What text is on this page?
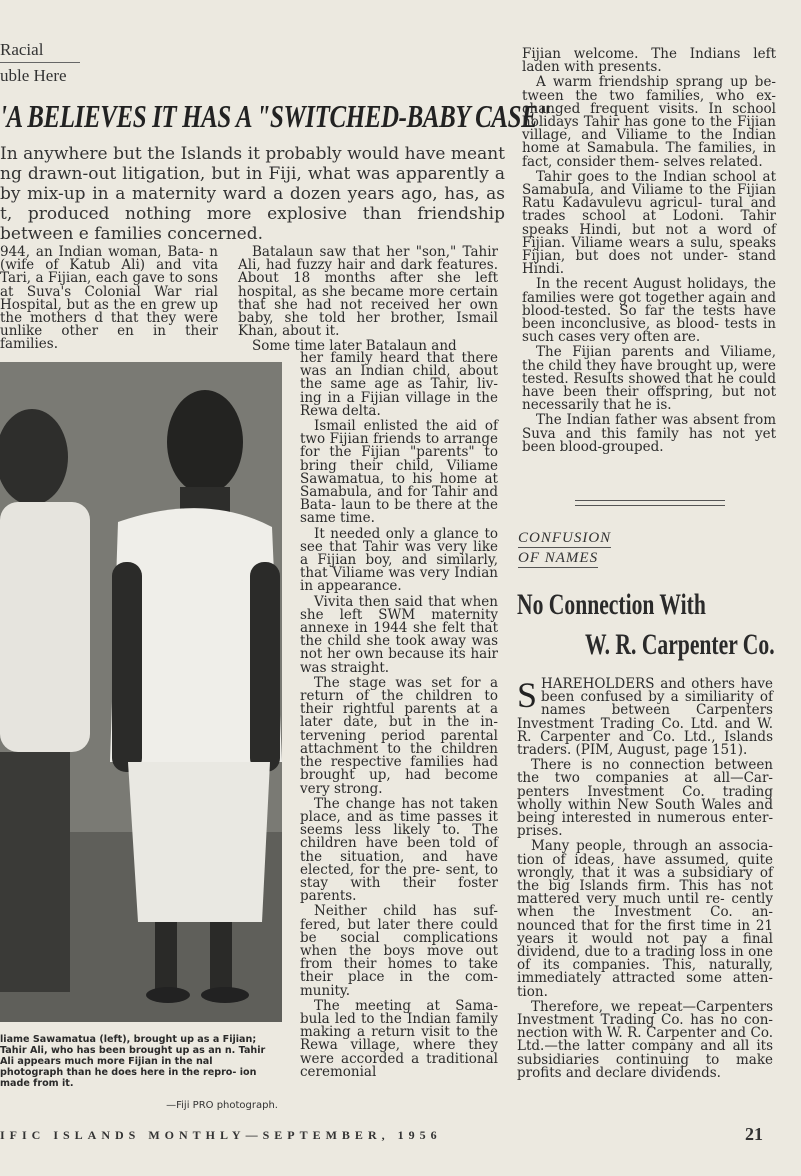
Racial
uble Here
'A BELIEVES IT HAS A "SWITCHED-BABY CASE"
In anywhere but the Islands it probably would have meant ng drawn-out litigation, but in Fiji, what was apparently a by mix-up in a maternity ward a dozen years ago, has, as t, produced nothing more explosive than friendship between e families concerned.

944, an Indian woman, Bata- n (wife of Katub Ali) and vita Tari, a Fijian, each gave to sons at Suva's Colonial War rial Hospital, but as the en grew up the mothers d that they were unlike other en in their families.

Batalaun saw that her "son," Tahir Ali, had fuzzy hair and dark features. About 18 months after she left hospital, as she became more certain that she had not received her own baby, she told her brother, Ismail Khan, about it.

Some time later Batalaun and

liame Sawamatua (left), brought up as a Fijian; Tahir Ali, who has been brought up as an n. Tahir Ali appears much more Fijian in the nal photograph than he does here in the repro- ion made from it.
—Fiji PRO photograph.

her family heard that there was an Indian child, about the same age as Tahir, liv- ing in a Fijian village in the Rewa delta.

Ismail enlisted the aid of two Fijian friends to arrange for the Fijian "parents" to bring their child, Viliame Sawamatua, to his home at Samabula, and for Tahir and Bata- laun to be there at the same time.

It needed only a glance to see that Tahir was very like a Fijian boy, and similarly, that Viliame was very Indian in appearance.

Vivita then said that when she left SWM maternity annexe in 1944 she felt that the child she took away was not her own because its hair was straight.

The stage was set for a return of the children to their rightful parents at a later date, but in the in- tervening period parental attachment to the children the respective families had brought up, had become very strong.

The change has not taken place, and as time passes it seems less likely to. The children have been told of the situation, and have elected, for the pre- sent, to stay with their foster parents.

Neither child has suf- fered, but later there could be social complications when the boys move out from their homes to take their place in the com- munity.

The meeting at Sama- bula led to the Indian family making a return visit to the Rewa village, where they were accorded a traditional ceremonial

Fijian welcome. The Indians left laden with presents.

A warm friendship sprang up be- tween the two families, who ex- changed frequent visits. In school holidays Tahir has gone to the Fijian village, and Viliame to the Indian home at Samabula. The families, in fact, consider them- selves related.

Tahir goes to the Indian school at Samabula, and Viliame to the Fijian Ratu Kadavulevu agricul- tural and trades school at Lodoni. Tahir speaks Hindi, but not a word of Fijian. Viliame wears a sulu, speaks Fijian, but does not under- stand Hindi.

In the recent August holidays, the families were got together again and blood-tested. So far the tests have been inconclusive, as blood- tests in such cases very often are.

The Fijian parents and Viliame, the child they have brought up, were tested. Results showed that he could have been their offspring, but not necessarily that he is.

The Indian father was absent from Suva and this family has not yet been blood-grouped.

CONFUSION
OF NAMES
No Connection With
W. R. Carpenter Co.

SHAREHOLDERS and others have been confused by a similiarity of names between Carpenters Investment Trading Co. Ltd. and W. R. Carpenter and Co. Ltd., Islands traders. (PIM, August, page 151).

There is no connection between the two companies at all—Car- penters Investment Co. trading wholly within New South Wales and being interested in numerous enter- prises.

Many people, through an associa- tion of ideas, have assumed, quite wrongly, that it was a subsidiary of the big Islands firm. This has not mattered very much until re- cently when the Investment Co. an- nounced that for the first time in 21 years it would not pay a final dividend, due to a trading loss in one of its companies. This, naturally, immediately attracted some atten- tion.

Therefore, we repeat—Carpenters Investment Trading Co. has no con- nection with W. R. Carpenter and Co. Ltd.—the latter company and all its subsidiaries continuing to make profits and declare dividends.

IFIC ISLANDS MONTHLY—SEPTEMBER, 1956	21
